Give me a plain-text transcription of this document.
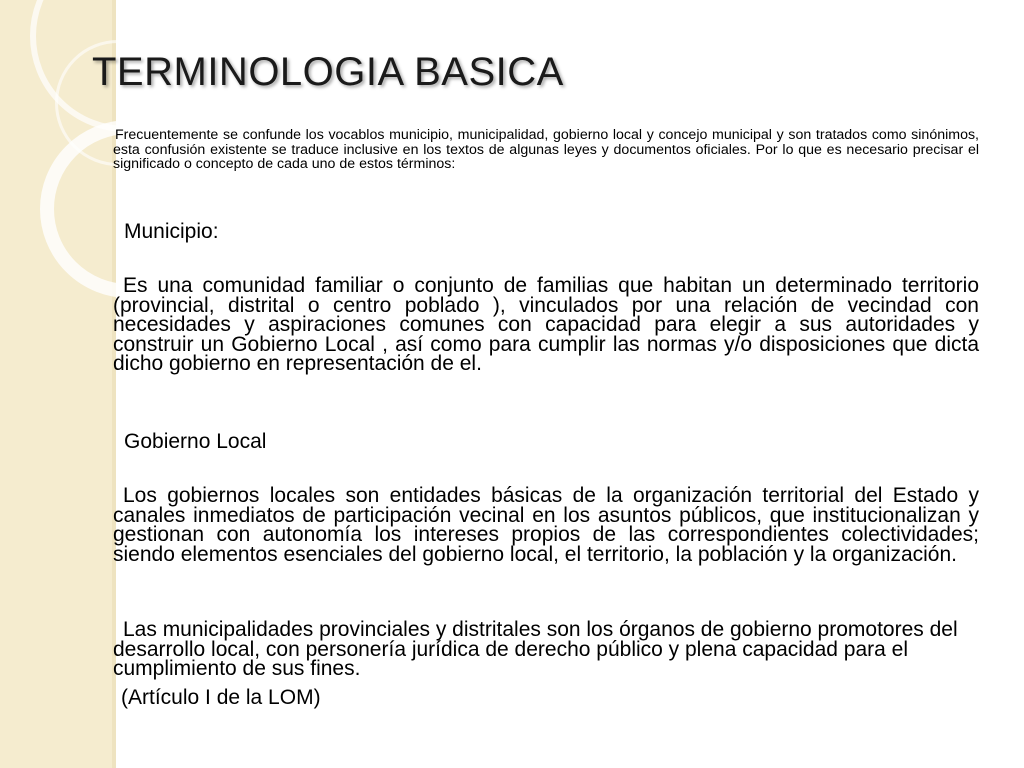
TERMINOLOGIA BASICA

Frecuentemente se confunde los vocablos municipio, municipalidad, gobierno local y concejo municipal y son tratados como sinónimos, esta confusión existente se traduce inclusive en los textos de algunas leyes y documentos oficiales. Por lo que es necesario precisar el significado o concepto de cada uno de estos términos:

Municipio:

Es una comunidad familiar o conjunto de familias que habitan un determinado territorio (provincial, distrital o centro poblado ), vinculados por una relación de vecindad con necesidades y aspiraciones comunes con capacidad para elegir a sus autoridades y construir un Gobierno Local , así como para cumplir las normas y/o disposiciones que dicta dicho gobierno en representación de el.

Gobierno Local

Los gobiernos locales son entidades básicas de la organización territorial del Estado y canales inmediatos de participación vecinal en los asuntos públicos, que institucionalizan y gestionan con autonomía los intereses propios de las correspondientes colectividades; siendo elementos esenciales del gobierno local, el territorio, la población y la organización.

Las municipalidades provinciales y distritales son los órganos de gobierno promotores del desarrollo local, con personería jurídica de derecho público y plena capacidad para el cumplimiento de sus fines.

(Artículo I de la LOM)
